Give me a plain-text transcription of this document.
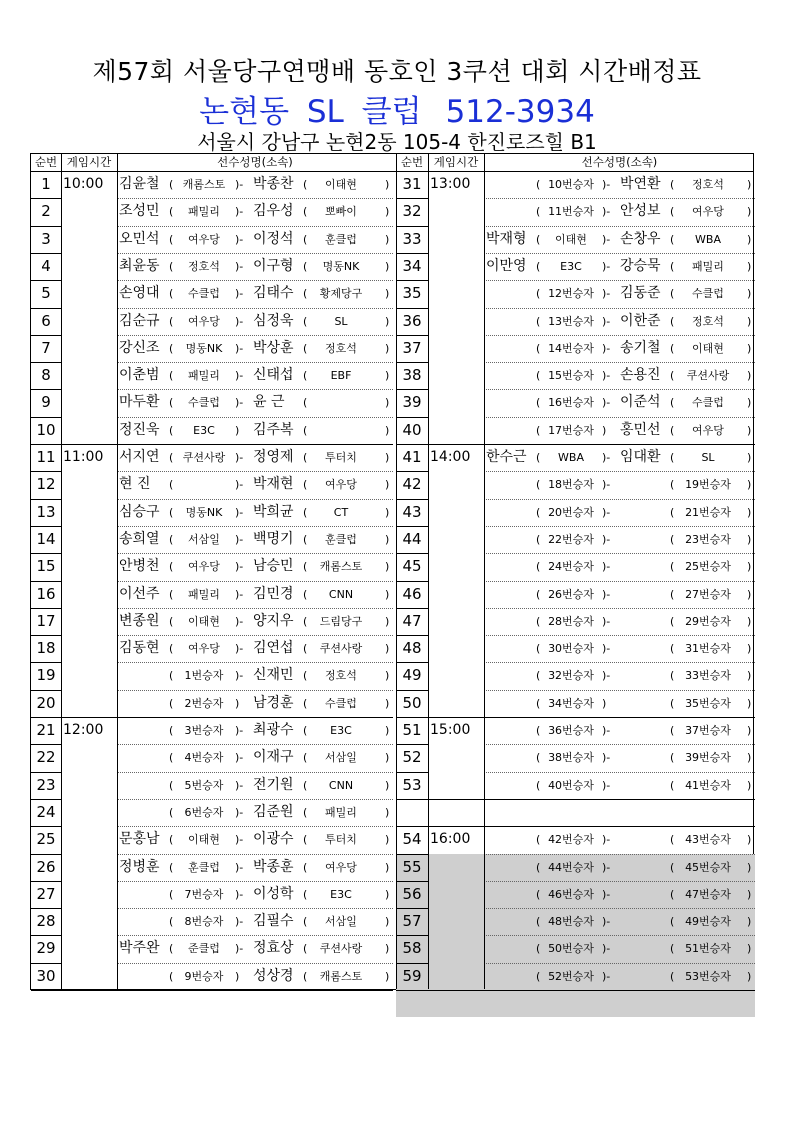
제57회 서울당구연맹배 동호인 3쿠션 대회 시간배정표
논현동 SL 클럽 512-3934
서울시 강남구 논현2동 105-4 한진로즈힐 B1
순번 게임시간	선수성명(소속)	순번 게임시간	선수성명(소속)
1 10:00	김윤철 ( 캐롬스토 )- 박종찬 (	이태현	)
2	조성민 (	패밀리	)- 김우성 (	뽀빠이	)
3	오민석 (	여우당	)- 이정석 (	훈클럽	)
4	최윤동 (	정호석	)- 이구형 (	명동NK	)
5	손영대 (	수클럽	)- 김태수 (	황제당구	)
6	김순규 (	여우당	)- 심정욱 (	SL	)
7	강신조 (	명동NK	)- 박상훈 (	정호석	)
8	이춘범 (	패밀리	)- 신태섭 (	EBF	)
9	마두환 (	수클럽	)- 윤 근 (	)
10	정진욱 (	E3C	) 김주복 (	)
11 11:00	서지연 ( 쿠션사랑 )- 정영제 (	투터치	)
12	현 진 (	)- 박재현 (	여우당	)
13	심승구 (	명동NK	)- 박희균 (	CT	)
14	송희열 (	서삼일	)- 백명기 (	훈클럽	)
15	안병천 (	여우당	)- 남승민 (	캐롬스토	)
16	이선주 (	패밀리	)- 김민경 (	CNN	)
17	변종원 (	이태현	)- 양지우 (	드림당구	)
18	김동현 (	여우당	)- 김연섭 (	쿠션사랑	)
19	(	1번승자	)- 신재민 (	정호석	)
20	(	2번승자	) 남경훈 (	수클럽	)
21 12:00	(	3번승자	)- 최광수 (	E3C	)
22	(	4번승자	)- 이재구 (	서삼일	)
23	(	5번승자	)- 전기원 (	CNN	)
24	(	6번승자	)- 김준원 (	패밀리	)
25	문홍남 (	이태현	)- 이광수 (	투터치	)
26	정병훈 (	훈클럽	)- 박종훈 (	여우당	)
27	(	7번승자	)- 이성학 (	E3C	)
28	(	8번승자	)- 김필수 (	서삼일	)
29	박주완 (	준클럽	)- 정효상 (	쿠션사랑	)
30	(	9번승자	) 성상경 (	캐롬스토	)
31 13:00	( 10번승자 )- 박연환 (	정호석	)
32	( 11번승자 )- 안성보 (	여우당	)
33	박재형 (	이태현	)- 손창우 (	WBA	)
34	이만영 (	E3C	)- 강승묵 (	패밀리	)
35	( 12번승자 )- 김동준 (	수클럽	)
36	( 13번승자 )- 이한준 (	정호석	)
37	( 14번승자 )- 송기철 (	이태현	)
38	( 15번승자 )- 손용진 (	쿠션사랑	)
39	( 16번승자 )- 이준석 (	수클럽	)
40	( 17번승자 ) 홍민선 (	여우당	)
41 14:00	한수근 (	WBA	)- 임대환 (	SL	)
42	( 18번승자 )-	( 19번승자	)
43	( 20번승자 )-	( 21번승자	)
44	( 22번승자 )-	( 23번승자	)
45	( 24번승자 )-	( 25번승자	)
46	( 26번승자 )-	( 27번승자	)
47	( 28번승자 )-	( 29번승자	)
48	( 30번승자 )-	( 31번승자	)
49	( 32번승자 )-	( 33번승자	)
50	( 34번승자 )	( 35번승자	)
51 15:00	( 36번승자 )-	( 37번승자	)
52	( 38번승자 )-	( 39번승자	)
53	( 40번승자 )-	( 41번승자	)
54 16:00	( 42번승자 )-	( 43번승자	)
55	( 44번승자 )-	( 45번승자	)
56	( 46번승자 )-	( 47번승자	)
57	( 48번승자 )-	( 49번승자	)
58	( 50번승자 )-	( 51번승자	)
59	( 52번승자 )-	( 53번승자	)
